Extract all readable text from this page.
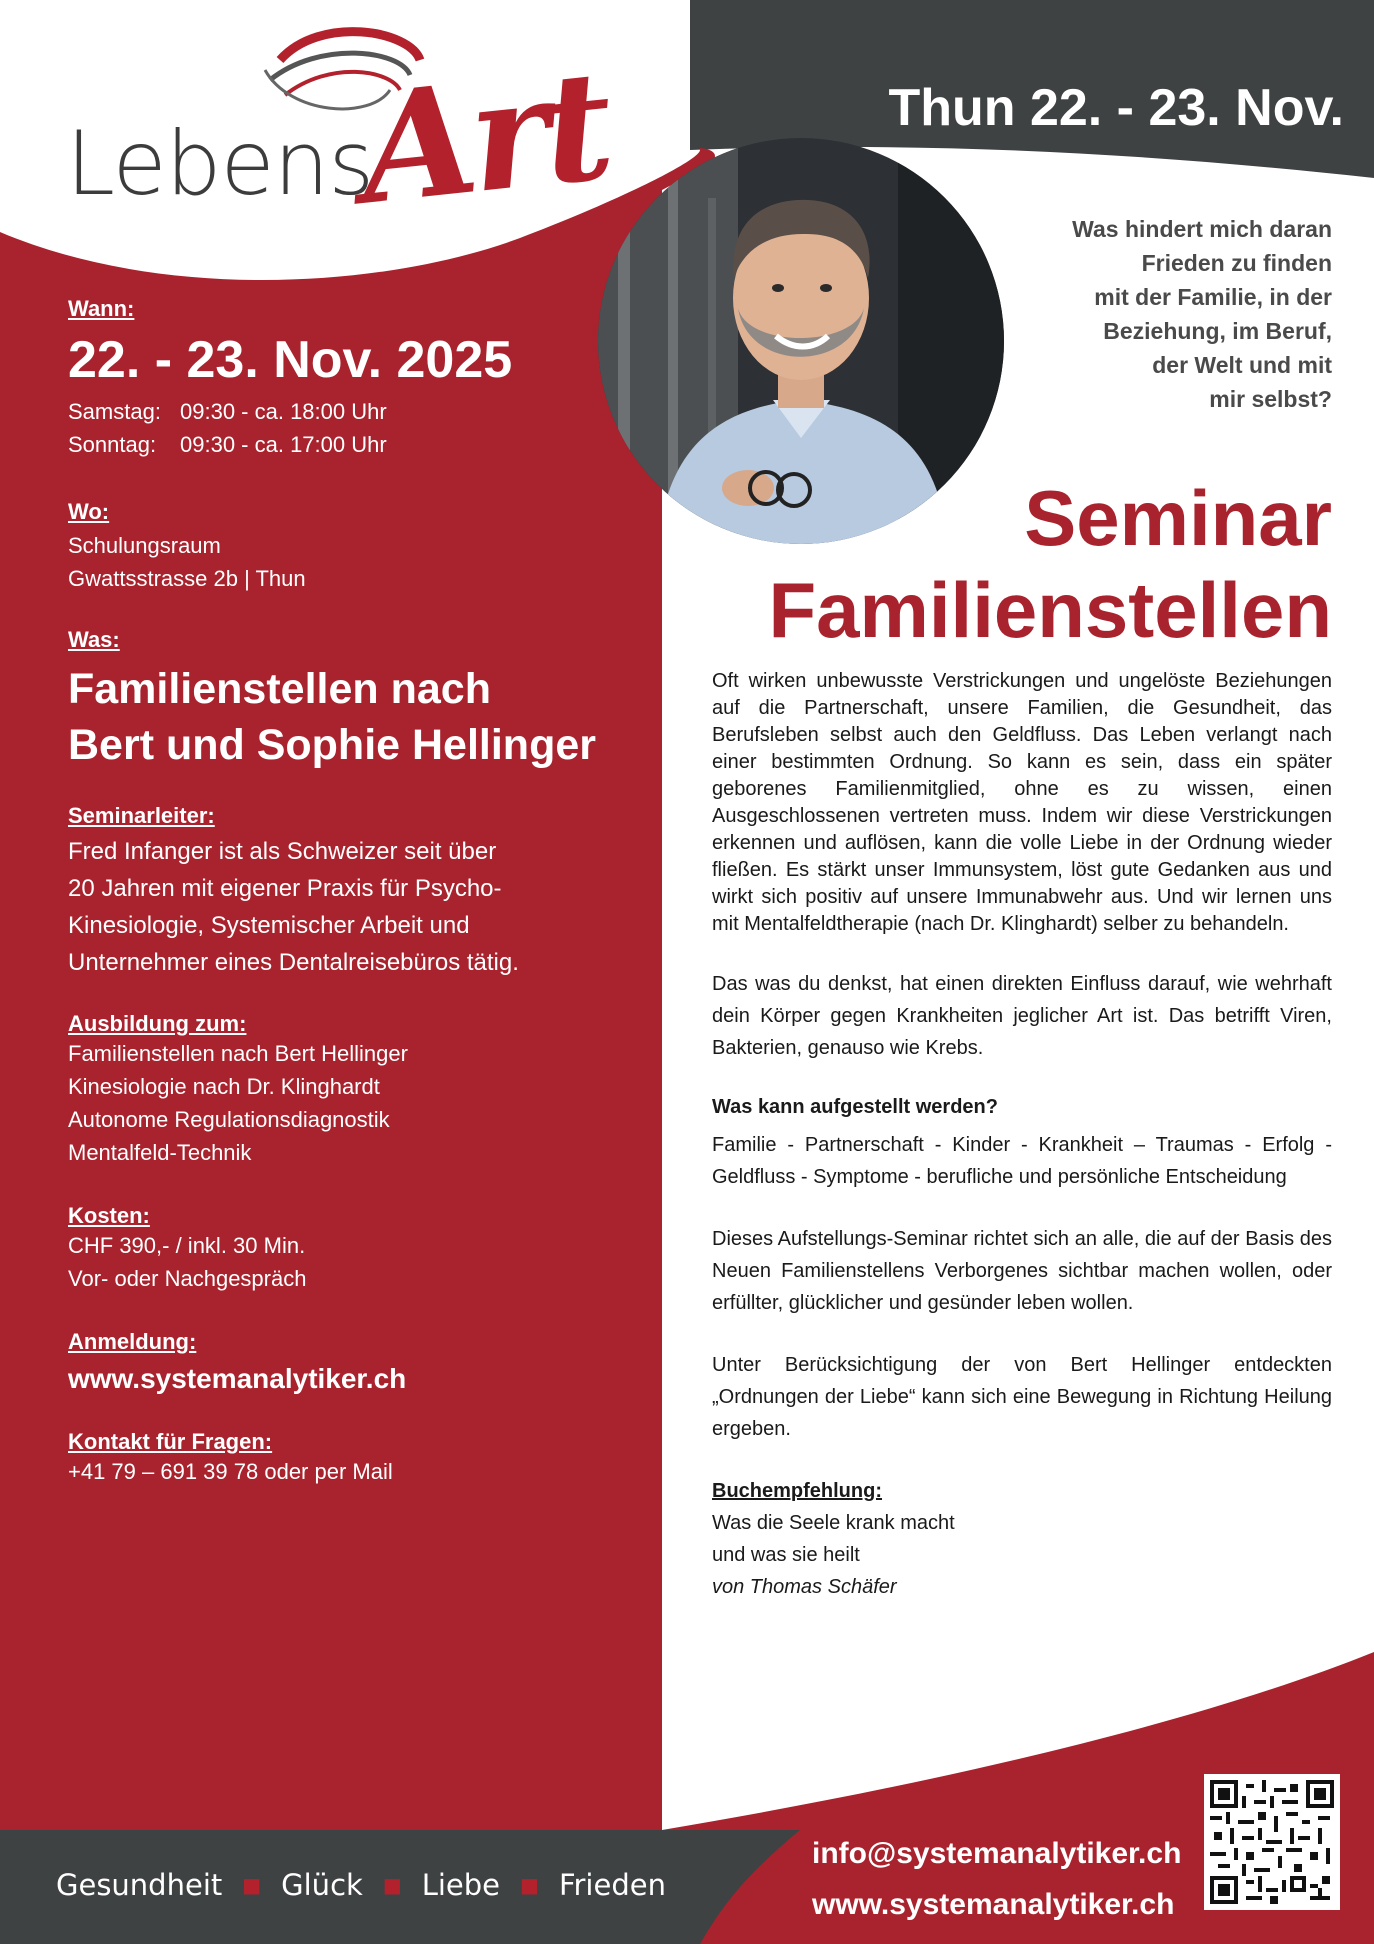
Lebens
Art	Thun 22. - 23. Nov.
Wann:
22. - 23. Nov. 2025
Samstag: 09:30 - ca. 18:00 Uhr
Sonntag:	09:30 - ca. 17:00 Uhr
Wo:
Schulungsraum
Gwattsstrasse 2b | Thun
Was:
Familienstellen nach
Bert und Sophie Hellinger
Seminarleiter:
Fred Infanger ist als Schweizer seit über
20 Jahren mit eigener Praxis für Psycho-
Kinesiologie, Systemischer Arbeit und
Unternehmer eines Dentalreisebüros tätig.
Ausbildung zum:
Familienstellen nach Bert Hellinger
Kinesiologie nach Dr. Klinghardt
Autonome Regulationsdiagnostik
Mentalfeld-Technik
Kosten:
CHF 390,- / inkl. 30 Min.
Vor- oder Nachgespräch
Anmeldung:
www.systemanalytiker.ch
Kontakt für Fragen:
+41 79 – 691 39 78 oder per Mail
Was hindert mich daran
Frieden zu finden
mit der Familie, in der
Beziehung, im Beruf,
der Welt und mit
mir selbst?
Seminar
Familienstellen

Oft wirken unbewusste Verstrickungen und ungelöste Beziehungen auf die Partnerschaft, unsere Familien, die Gesundheit, das Berufsleben selbst auch den Geldfluss. Das Leben verlangt nach einer bestimmten Ordnung. So kann es sein, dass ein später geborenes Familienmitglied, ohne es zu wissen, einen Ausgeschlossenen vertreten muss. Indem wir diese Verstrickungen erkennen und auflösen, kann die volle Liebe in der Ordnung wieder fließen. Es stärkt unser Immunsystem, löst gute Gedanken aus und wirkt sich positiv auf unsere Immunabwehr aus. Und wir lernen uns mit Mentalfeldtherapie (nach Dr. Klinghardt) selber zu behandeln.

Das was du denkst, hat einen direkten Einfluss darauf, wie wehrhaft dein Körper gegen Krankheiten jeglicher Art ist. Das betrifft Viren, Bakterien, genauso wie Krebs.

Was kann aufgestellt werden?

Familie - Partnerschaft - Kinder - Krankheit – Traumas - Erfolg - Geldfluss - Symptome - berufliche und persönliche Entscheidung

Dieses Aufstellungs-Seminar richtet sich an alle, die auf der Basis des Neuen Familienstellens Verborgenes sichtbar machen wollen, oder erfüllter, glücklicher und gesünder leben wollen.

Unter Berücksichtigung der von Bert Hellinger entdeckten „Ordnungen der Liebe“ kann sich eine Bewegung in Richtung Heilung ergeben.

Buchempfehlung:
Was die Seele krank macht
und was sie heilt
von Thomas Schäfer
Gesundheit ■ Glück ■ Liebe ■ Frieden
info@systemanalytiker.ch
www.systemanalytiker.ch
